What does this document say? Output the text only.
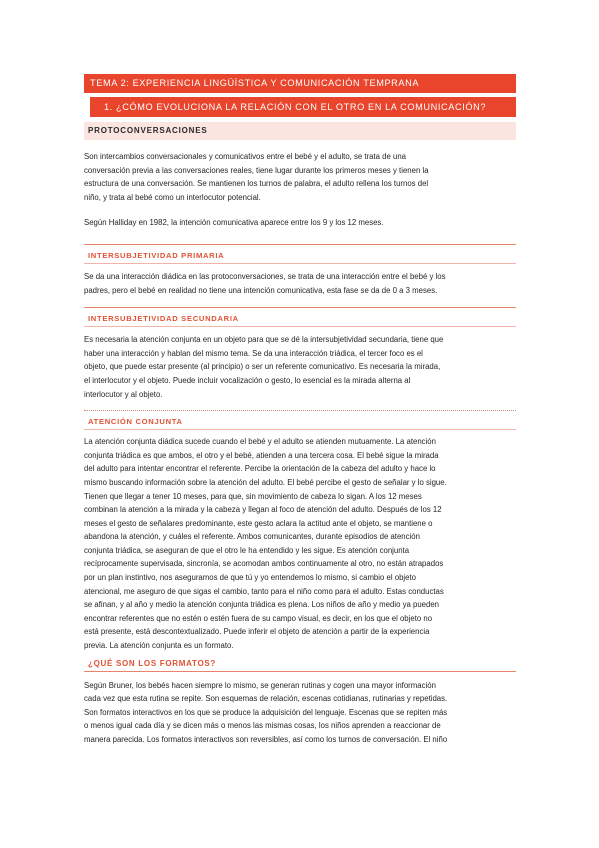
TEMA 2: EXPERIENCIA LINGÜÍSTICA Y COMUNICACIÓN TEMPRANA
1. ¿CÓMO EVOLUCIONA LA RELACIÓN CON EL OTRO EN LA COMUNICACIÓN?
PROTOCONVERSACIONES

Son intercambios conversacionales y comunicativos entre el bebé y el adulto, se trata de una

conversación previa a las conversaciones reales, tiene lugar durante los primeros meses y tienen la

estructura de una conversación. Se mantienen los turnos de palabra, el adulto rellena los turnos del

niño, y trata al bebé como un interlocutor potencial.

Según Halliday en 1982, la intención comunicativa aparece entre los 9 y los 12 meses.

INTERSUBJETIVIDAD PRIMARIA

Se da una interacción diádica en las protoconversaciones, se trata de una interacción entre el bebé y los

padres, pero el bebé en realidad no tiene una intención comunicativa, esta fase se da de 0 a 3 meses.

INTERSUBJETIVIDAD SECUNDARIA

Es necesaria la atención conjunta en un objeto para que se dé la intersubjetividad secundaria, tiene que

haber una interacción y hablan del mismo tema. Se da una interacción triádica, el tercer foco es el

objeto, que puede estar presente (al principio) o ser un referente comunicativo. Es necesaria la mirada,

el interlocutor y el objeto. Puede incluir vocalización o gesto, lo esencial es la mirada alterna al

interlocutor y al objeto.

ATENCIÓN CONJUNTA

La atención conjunta diádica sucede cuando el bebé y el adulto se atienden mutuamente. La atención

conjunta triádica es que ambos, el otro y el bebé, atienden a una tercera cosa. El bebé sigue la mirada

del adulto para intentar encontrar el referente. Percibe la orientación de la cabeza del adulto y hace lo

mismo buscando información sobre la atención del adulto. El bebé percibe el gesto de señalar y lo sigue.

Tienen que llegar a tener 10 meses, para que, sin movimiento de cabeza lo sigan. A los 12 meses

combinan la atención a la mirada y la cabeza y llegan al foco de atención del adulto. Después de los 12

meses el gesto de señalares predominante, este gesto aclara la actitud ante el objeto, se mantiene o

abandona la atención, y cuáles el referente. Ambos comunicantes, durante episodios de atención

conjunta triádica, se aseguran de que el otro le ha entendido y les sigue. Es atención conjunta

recíprocamente supervisada, sincronía, se acomodan ambos continuamente al otro, no están atrapados

por un plan instintivo, nos aseguramos de que tú y yo entendemos lo mismo, si cambio el objeto

atencional, me aseguro de que sigas el cambio, tanto para el niño como para el adulto. Estas conductas

se afinan, y al año y medio la atención conjunta triádica es plena. Los niños de año y medio ya pueden

encontrar referentes que no estén o estén fuera de su campo visual, es decir, en los que el objeto no

está presente, está descontextualizado. Puede inferir el objeto de atención a partir de la experiencia

previa. La atención conjunta es un formato.

¿QUÉ SON LOS FORMATOS?

Según Bruner, los bebés hacen siempre lo mismo, se generan rutinas y cogen una mayor información

cada vez que esta rutina se repite. Son esquemas de relación, escenas cotidianas, rutinarias y repetidas.

Son formatos interactivos en los que se produce la adquisición del lenguaje. Escenas que se repiten más

o menos igual cada día y se dicen más o menos las mismas cosas, los niños aprenden a reaccionar de

manera parecida. Los formatos interactivos son reversibles, así como los turnos de conversación. El niño
